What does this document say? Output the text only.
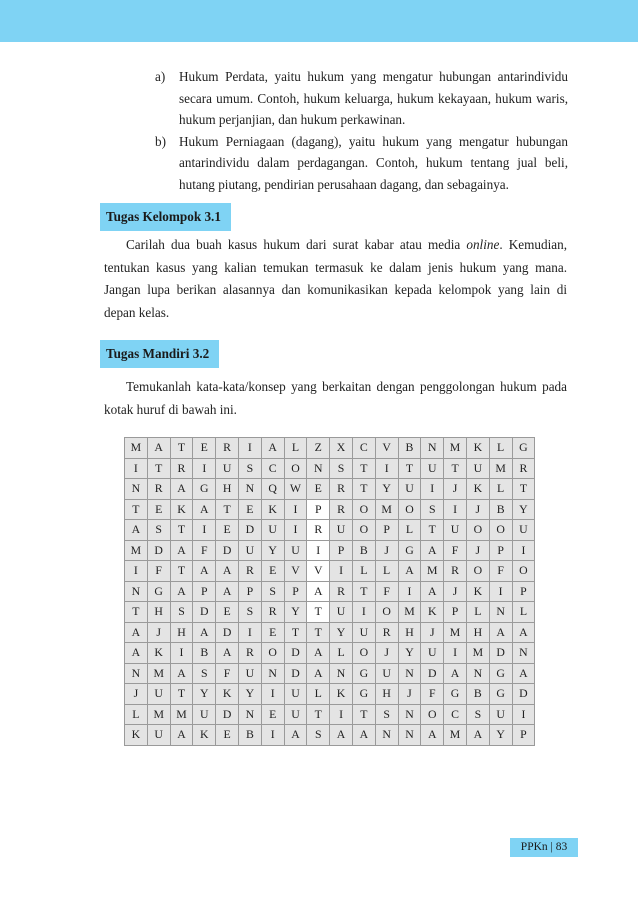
a) Hukum Perdata, yaitu hukum yang mengatur hubungan antarindividu secara umum. Contoh, hukum keluarga, hukum kekayaan, hukum waris, hukum perjanjian, dan hukum perkawinan.
b) Hukum Perniagaan (dagang), yaitu hukum yang mengatur hubungan antarindividu dalam perdagangan. Contoh, hukum tentang jual beli, hutang piutang, pendirian perusahaan dagang, dan sebagainya.
Tugas Kelompok 3.1

Carilah dua buah kasus hukum dari surat kabar atau media online. Kemudian, tentukan kasus yang kalian temukan termasuk ke dalam jenis hukum yang mana. Jangan lupa berikan alasannya dan komunikasikan kepada kelompok yang lain di depan kelas.

Tugas Mandiri 3.2

Temukanlah kata-kata/konsep yang berkaitan dengan penggolongan hukum pada kotak huruf di bawah ini.

M	A	T	E	R	I	A	L	Z	X	C	V	B	N	M	K	L	G
I	T	R	I	U	S	C	O	N	S	T	I	T	U	T	U	M	R
N	R	A	G	H	N	Q	W	E	R	T	Y	U	I	J	K	L	T
T	E	K	A	T	E	K	I	P	R	O	M	O	S	I	J	B	Y
A	S	T	I	E	D	U	I	R	U	O	P	L	T	U	O	O	U
M	D	A	F	D	U	Y	U	I	P	B	J	G	A	F	J	P	I
I	F	T	A	A	R	E	V	V	I	L	L	A	M	R	O	F	O
N	G	A	P	A	P	S	P	A	R	T	F	I	A	J	K	I	P
T	H	S	D	E	S	R	Y	T	U	I	O	M	K	P	L	N	L
A	J	H	A	D	I	E	T	T	Y	U	R	H	J	M	H	A	A
A	K	I	B	A	R	O	D	A	L	O	J	Y	U	I	M	D	N
N	M	A	S	F	U	N	D	A	N	G	U	N	D	A	N	G	A
J	U	T	Y	K	Y	I	U	L	K	G	H	J	F	G	B	G	D
L	M	M	U	D	N	E	U	T	I	T	S	N	O	C	S	U	I
K	U	A	K	E	B	I	A	S	A	A	N	N	A	M	A	Y	P
PPKn | 83
